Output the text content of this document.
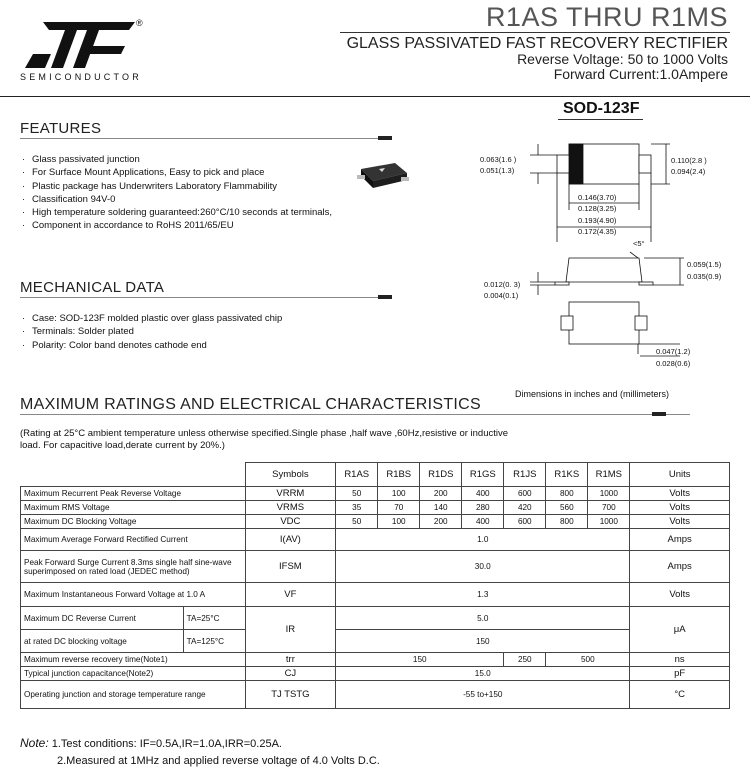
®
SEMICONDUCTOR
R1AS THRU R1MS
GLASS PASSIVATED FAST RECOVERY RECTIFIER
Reverse Voltage: 50 to 1000 Volts
Forward Current:1.0Ampere
SOD-123F
FEATURES
· Glass passivated junction
· For Surface Mount Applications, Easy to pick and place
· Plastic package has Underwriters Laboratory Flammability
· Classification 94V-0
· High temperature soldering guaranteed:260°C/10 seconds at terminals,
· Component in accordance to RoHS 2011/65/EU
MECHANICAL DATA
· Case: SOD-123F molded plastic over glass passivated chip
· Terminals: Solder plated
· Polarity: Color band denotes cathode end
0.063(1.6 )
0.051(1.3)
0.110(2.8 )
0.094(2.4)
0.146(3.70)
0.128(3.25)
0.193(4.90)
0.172(4.35)
<5°
0.059(1.5)
0.035(0.9)
0.012(0. 3)
0.004(0.1)
0.047(1.2)
0.028(0.6)
Dimensions in inches and (millimeters)
MAXIMUM RATINGS AND ELECTRICAL CHARACTERISTICS
(Rating at 25°C ambient temperature unless otherwise specified.Single phase ,half wave ,60Hz,resistive or inductive
load. For capacitive load,derate current by 20%.)
		Symbols	R1AS	R1BS	R1DS	R1GS	R1JS	R1KS	R1MS	Units
Maximum Recurrent Peak Reverse Voltage		VRRM	50	100	200	400	600	800	1000	Volts
Maximum RMS Voltage		VRMS	35	70	140	280	420	560	700	Volts
Maximum DC Blocking Voltage		VDC	50	100	200	400	600	800	1000	Volts
Maximum Average Forward Rectified Current		I(AV)	1.0							Amps
Peak Forward Surge Current 8.3ms single half sine-wave superimposed on rated load (JEDEC method)		IFSM	30.0							Amps
Maximum Instantaneous Forward Voltage at 1.0 A		VF	1.3							Volts
Maximum DC Reverse Current	TA=25°C	IR	5.0							μA
at rated DC blocking voltage	TA=125°C		150							
Maximum reverse recovery time(Note1)		trr	150				250	500		ns
Typical junction capacitance(Note2)		CJ	15.0							pF
Operating junction and storage temperature range		TJ TSTG	-55 to+150							°C
Note: 1.Test conditions: IF=0.5A,IR=1.0A,IRR=0.25A.
2.Measured at 1MHz and applied reverse voltage of 4.0 Volts D.C.
